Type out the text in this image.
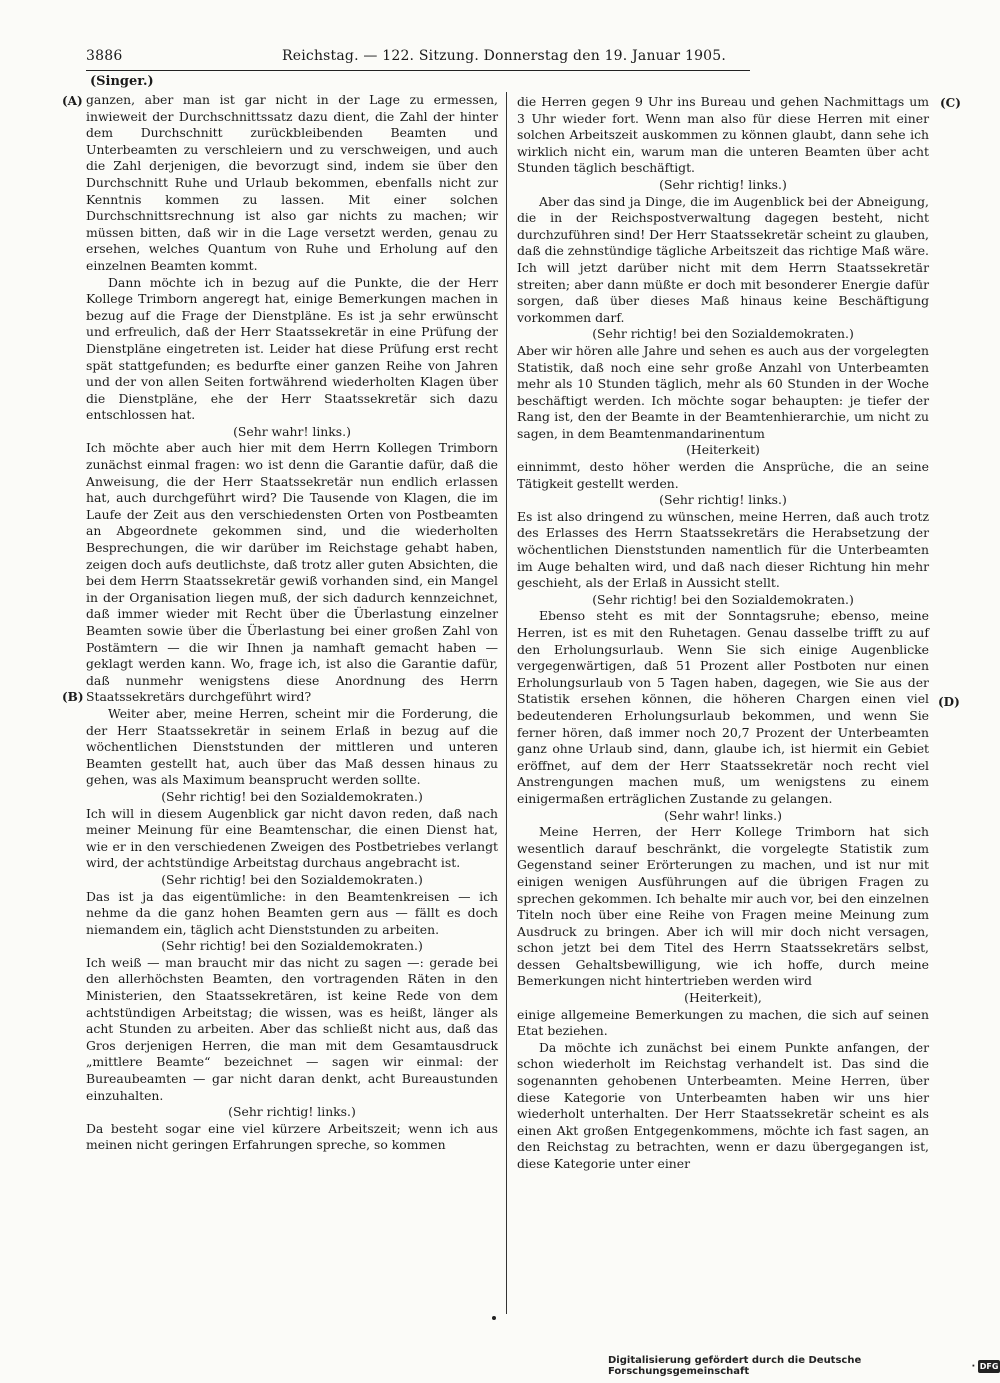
3886	Reichstag. — 122. Sitzung. Donnerstag den 19. Januar 1905.
(Singer.)
(A)
(B)
(C)
(D)

ganzen, aber man ist gar nicht in der Lage zu ermessen, inwieweit der Durchschnittssatz dazu dient, die Zahl der hinter dem Durchschnitt zurückbleibenden Beamten und Unterbeamten zu verschleiern und zu verschweigen, und auch die Zahl derjenigen, die bevorzugt sind, indem sie über den Durchschnitt Ruhe und Urlaub bekommen, ebenfalls nicht zur Kenntnis kommen zu lassen. Mit einer solchen Durchschnittsrechnung ist also gar nichts zu machen; wir müssen bitten, daß wir in die Lage versetzt werden, genau zu ersehen, welches Quantum von Ruhe und Erholung auf den einzelnen Beamten kommt.

Dann möchte ich in bezug auf die Punkte, die der Herr Kollege Trimborn angeregt hat, einige Bemerkungen machen in bezug auf die Frage der Dienstpläne. Es ist ja sehr erwünscht und erfreulich, daß der Herr Staatssekretär in eine Prüfung der Dienstpläne eingetreten ist. Leider hat diese Prüfung erst recht spät stattgefunden; es bedurfte einer ganzen Reihe von Jahren und der von allen Seiten fortwährend wiederholten Klagen über die Dienstpläne, ehe der Herr Staatssekretär sich dazu entschlossen hat.

(Sehr wahr! links.)

Ich möchte aber auch hier mit dem Herrn Kollegen Trimborn zunächst einmal fragen: wo ist denn die Garantie dafür, daß die Anweisung, die der Herr Staatssekretär nun endlich erlassen hat, auch durchgeführt wird? Die Tausende von Klagen, die im Laufe der Zeit aus den verschiedensten Orten von Postbeamten an Abgeordnete gekommen sind, und die wiederholten Besprechungen, die wir darüber im Reichstage gehabt haben, zeigen doch aufs deutlichste, daß trotz aller guten Absichten, die bei dem Herrn Staatssekretär gewiß vorhanden sind, ein Mangel in der Organisation liegen muß, der sich dadurch kennzeichnet, daß immer wieder mit Recht über die Überlastung einzelner Beamten sowie über die Überlastung bei einer großen Zahl von Postämtern — die wir Ihnen ja namhaft gemacht haben — geklagt werden kann. Wo, frage ich, ist also die Garantie dafür, daß nunmehr wenigstens diese Anordnung des Herrn Staatssekretärs durchgeführt wird?

Weiter aber, meine Herren, scheint mir die Forderung, die der Herr Staatssekretär in seinem Erlaß in bezug auf die wöchentlichen Dienststunden der mittleren und unteren Beamten gestellt hat, auch über das Maß dessen hinaus zu gehen, was als Maximum beansprucht werden sollte.

(Sehr richtig! bei den Sozialdemokraten.)

Ich will in diesem Augenblick gar nicht davon reden, daß nach meiner Meinung für eine Beamtenschar, die einen Dienst hat, wie er in den verschiedenen Zweigen des Postbetriebes verlangt wird, der achtstündige Arbeitstag durchaus angebracht ist.

(Sehr richtig! bei den Sozialdemokraten.)

Das ist ja das eigentümliche: in den Beamtenkreisen — ich nehme da die ganz hohen Beamten gern aus — fällt es doch niemandem ein, täglich acht Dienststunden zu arbeiten.

(Sehr richtig! bei den Sozialdemokraten.)

Ich weiß — man braucht mir das nicht zu sagen —: gerade bei den allerhöchsten Beamten, den vortragenden Räten in den Ministerien, den Staatssekretären, ist keine Rede von dem achtstündigen Arbeitstag; die wissen, was es heißt, länger als acht Stunden zu arbeiten. Aber das schließt nicht aus, daß das Gros derjenigen Herren, die man mit dem Gesamtausdruck „mittlere Beamte“ bezeichnet — sagen wir einmal: der Bureaubeamten — gar nicht daran denkt, acht Bureaustunden einzuhalten.

(Sehr richtig! links.)

Da besteht sogar eine viel kürzere Arbeitszeit; wenn ich aus meinen nicht geringen Erfahrungen spreche, so kommen

die Herren gegen 9 Uhr ins Bureau und gehen Nachmittags um 3 Uhr wieder fort. Wenn man also für diese Herren mit einer solchen Arbeitszeit auskommen zu können glaubt, dann sehe ich wirklich nicht ein, warum man die unteren Beamten über acht Stunden täglich beschäftigt.

(Sehr richtig! links.)

Aber das sind ja Dinge, die im Augenblick bei der Abneigung, die in der Reichspostverwaltung dagegen besteht, nicht durchzuführen sind! Der Herr Staatssekretär scheint zu glauben, daß die zehnstündige tägliche Arbeitszeit das richtige Maß wäre. Ich will jetzt darüber nicht mit dem Herrn Staatssekretär streiten; aber dann müßte er doch mit besonderer Energie dafür sorgen, daß über dieses Maß hinaus keine Beschäftigung vorkommen darf.

(Sehr richtig! bei den Sozialdemokraten.)

Aber wir hören alle Jahre und sehen es auch aus der vorgelegten Statistik, daß noch eine sehr große Anzahl von Unterbeamten mehr als 10 Stunden täglich, mehr als 60 Stunden in der Woche beschäftigt werden. Ich möchte sogar behaupten: je tiefer der Rang ist, den der Beamte in der Beamtenhierarchie, um nicht zu sagen, in dem Beamtenmandarinentum

(Heiterkeit)

einnimmt, desto höher werden die Ansprüche, die an seine Tätigkeit gestellt werden.

(Sehr richtig! links.)

Es ist also dringend zu wünschen, meine Herren, daß auch trotz des Erlasses des Herrn Staatssekretärs die Herabsetzung der wöchentlichen Dienststunden namentlich für die Unterbeamten im Auge behalten wird, und daß nach dieser Richtung hin mehr geschieht, als der Erlaß in Aussicht stellt.

(Sehr richtig! bei den Sozialdemokraten.)

Ebenso steht es mit der Sonntagsruhe; ebenso, meine Herren, ist es mit den Ruhetagen. Genau dasselbe trifft zu auf den Erholungsurlaub. Wenn Sie sich einige Augenblicke vergegenwärtigen, daß 51 Prozent aller Postboten nur einen Erholungsurlaub von 5 Tagen haben, dagegen, wie Sie aus der Statistik ersehen können, die höheren Chargen einen viel bedeutenderen Erholungsurlaub bekommen, und wenn Sie ferner hören, daß immer noch 20,7 Prozent der Unterbeamten ganz ohne Urlaub sind, dann, glaube ich, ist hiermit ein Gebiet eröffnet, auf dem der Herr Staatssekretär noch recht viel Anstrengungen machen muß, um wenigstens zu einem einigermaßen erträglichen Zustande zu gelangen.

(Sehr wahr! links.)

Meine Herren, der Herr Kollege Trimborn hat sich wesentlich darauf beschränkt, die vorgelegte Statistik zum Gegenstand seiner Erörterungen zu machen, und ist nur mit einigen wenigen Ausführungen auf die übrigen Fragen zu sprechen gekommen. Ich behalte mir auch vor, bei den einzelnen Titeln noch über eine Reihe von Fragen meine Meinung zum Ausdruck zu bringen. Aber ich will mir doch nicht versagen, schon jetzt bei dem Titel des Herrn Staatssekretärs selbst, dessen Gehaltsbewilligung, wie ich hoffe, durch meine Bemerkungen nicht hintertrieben werden wird

(Heiterkeit),

einige allgemeine Bemerkungen zu machen, die sich auf seinen Etat beziehen.

Da möchte ich zunächst bei einem Punkte anfangen, der schon wiederholt im Reichstag verhandelt ist. Das sind die sogenannten gehobenen Unterbeamten. Meine Herren, über diese Kategorie von Unterbeamten haben wir uns hier wiederholt unterhalten. Der Herr Staatssekretär scheint es als einen Akt großen Entgegenkommens, möchte ich fast sagen, an den Reichstag zu betrachten, wenn er dazu übergegangen ist, diese Kategorie unter einer

Digitalisierung gefördert durch die Deutsche Forschungsgemeinschaft	· DFG
